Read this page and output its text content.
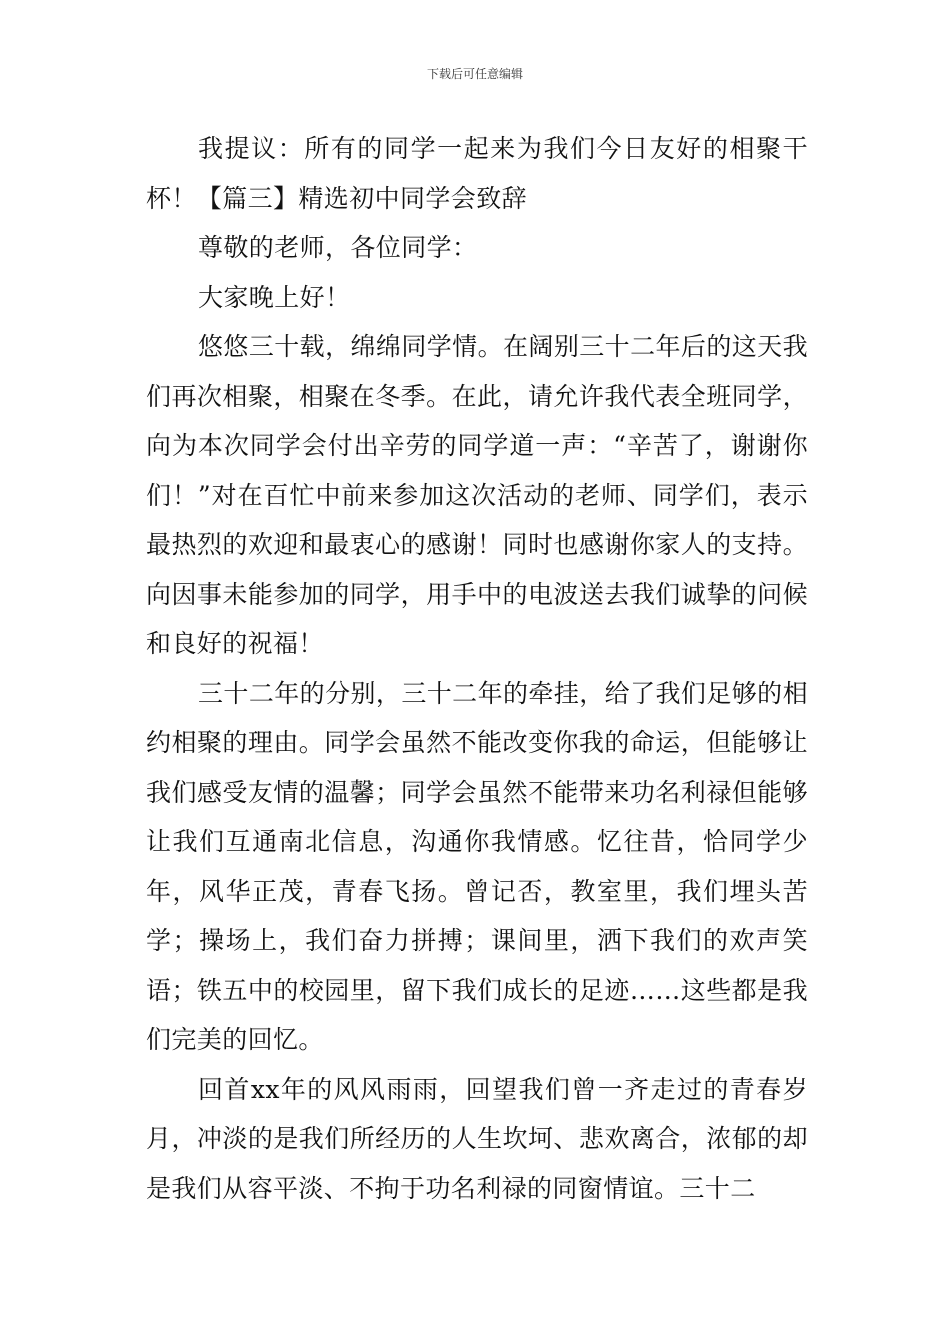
下载后可任意编辑

我提议：所有的同学一起来为我们今日友好的相聚干杯！【篇三】精选初中同学会致辞

尊敬的老师，各位同学：

大家晚上好！

悠悠三十载，绵绵同学情。在阔别三十二年后的这天我们再次相聚，相聚在冬季。在此，请允许我代表全班同学，向为本次同学会付出辛劳的同学道一声：“辛苦了，谢谢你们！”对在百忙中前来参加这次活动的老师、同学们，表示最热烈的欢迎和最衷心的感谢！同时也感谢你家人的支持。向因事未能参加的同学，用手中的电波送去我们诚挚的问候和良好的祝福！

三十二年的分别，三十二年的牵挂，给了我们足够的相约相聚的理由。同学会虽然不能改变你我的命运，但能够让我们感受友情的温馨；同学会虽然不能带来功名利禄但能够让我们互通南北信息，沟通你我情感。忆往昔，恰同学少年，风华正茂，青春飞扬。曾记否，教室里，我们埋头苦学；操场上，我们奋力拼搏；课间里，洒下我们的欢声笑语；铁五中的校园里，留下我们成长的足迹……这些都是我们完美的回忆。

回首xx年的风风雨雨，回望我们曾一齐走过的青春岁月，冲淡的是我们所经历的人生坎坷、悲欢离合，浓郁的却是我们从容平淡、不拘于功名利禄的同窗情谊。三十二
